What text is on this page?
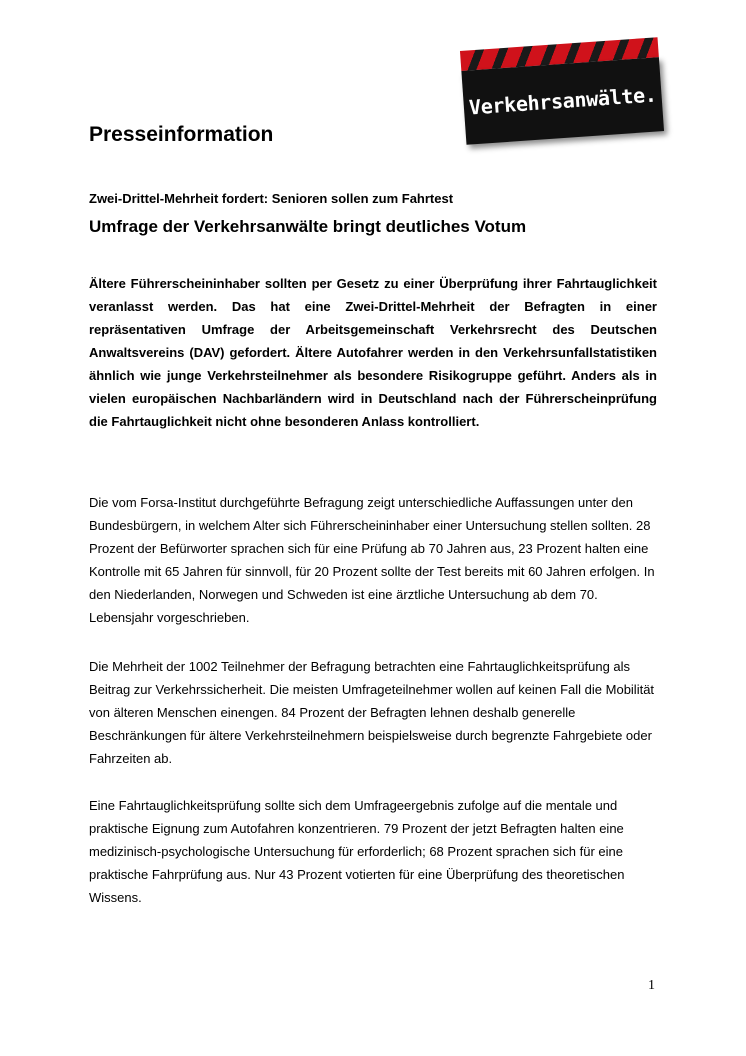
Verkehrsanwälte.
Presseinformation
Zwei-Drittel-Mehrheit fordert: Senioren sollen zum Fahrtest
Umfrage der Verkehrsanwälte bringt deutliches Votum

Ältere Führerscheininhaber sollten per Gesetz zu einer Überprüfung ihrer Fahrtauglichkeit veranlasst werden. Das hat eine Zwei-Drittel-Mehrheit der Befragten in einer repräsentativen Umfrage der Arbeitsgemeinschaft Verkehrsrecht des Deutschen Anwaltsvereins (DAV) gefordert. Ältere Autofahrer werden in den Verkehrsunfallstatistiken ähnlich wie junge Verkehrsteilnehmer als besondere Risikogruppe geführt. Anders als in vielen europäischen Nachbarländern wird in Deutschland nach der Führerscheinprüfung die Fahrtauglichkeit nicht ohne besonderen Anlass kontrolliert.

Die vom Forsa-Institut durchgeführte Befragung zeigt unterschiedliche Auffassungen unter den Bundesbürgern, in welchem Alter sich Führerscheininhaber einer Untersuchung stellen sollten. 28 Prozent der Befürworter sprachen sich für eine Prüfung ab 70 Jahren aus, 23 Prozent halten eine Kontrolle mit 65 Jahren für sinnvoll, für 20 Prozent sollte der Test bereits mit 60 Jahren erfolgen. In den Niederlanden, Norwegen und Schweden ist eine ärztliche Untersuchung ab dem 70. Lebensjahr vorgeschrieben.

Die Mehrheit der 1002 Teilnehmer der Befragung betrachten eine Fahrtauglichkeitsprüfung als Beitrag zur Verkehrssicherheit. Die meisten Umfrageteilnehmer wollen auf keinen Fall die Mobilität von älteren Menschen einengen. 84 Prozent der Befragten lehnen deshalb generelle Beschränkungen für ältere Verkehrsteilnehmern beispielsweise durch begrenzte Fahrgebiete oder Fahrzeiten ab.

Eine Fahrtauglichkeitsprüfung sollte sich dem Umfrageergebnis zufolge auf die mentale und praktische Eignung zum Autofahren konzentrieren. 79 Prozent der jetzt Befragten halten eine medizinisch-psychologische Untersuchung für erforderlich; 68 Prozent sprachen sich für eine praktische Fahrprüfung aus. Nur 43 Prozent votierten für eine Überprüfung des theoretischen Wissens.

1
